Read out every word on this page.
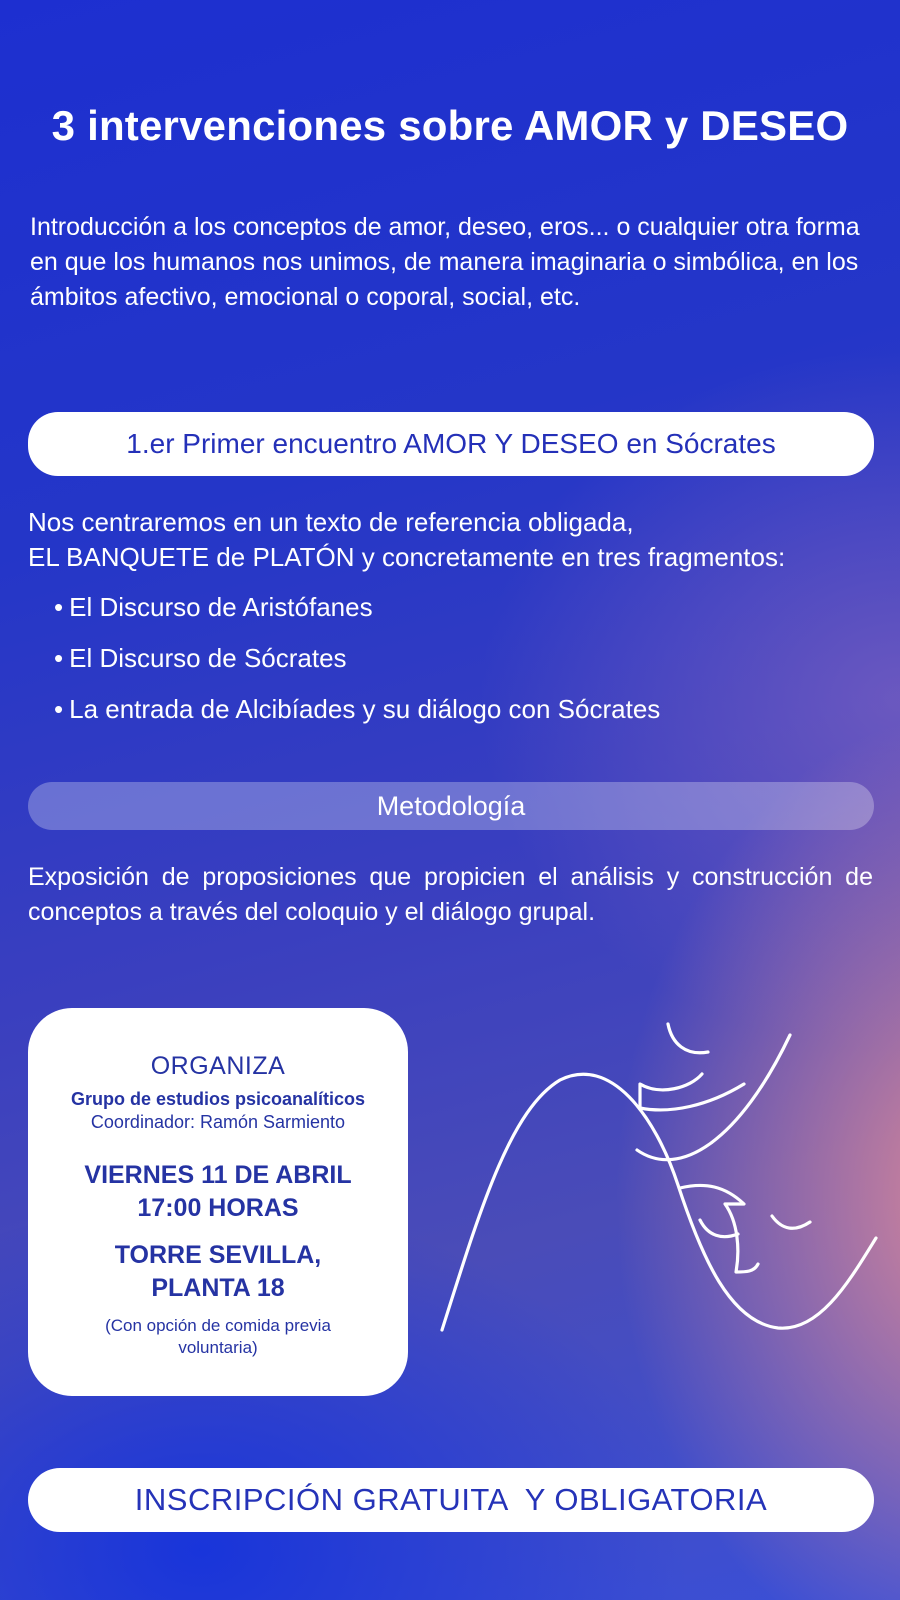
3 intervenciones sobre AMOR y DESEO
Introducción a los conceptos de amor, deseo, eros... o cualquier otra forma en que los humanos nos unimos, de manera imaginaria o simbólica, en los ámbitos afectivo, emocional o coporal, social, etc.
1.er Primer encuentro AMOR Y DESEO en Sócrates
Nos centraremos en un texto de referencia obligada,
EL BANQUETE de PLATÓN y concretamente en tres fragmentos:
• El Discurso de Aristófanes
• El Discurso de Sócrates
• La entrada de Alcibíades y su diálogo con Sócrates
Metodología
Exposición de proposiciones que propicien el análisis y construcción de conceptos a través del coloquio y el diálogo grupal.
ORGANIZA
Grupo de estudios psicoanalíticos
Coordinador: Ramón Sarmiento
VIERNES 11 DE ABRIL
17:00 HORAS
TORRE SEVILLA,
PLANTA 18
(Con opción de comida previa voluntaria)
INSCRIPCIÓN GRATUITA  Y OBLIGATORIA
